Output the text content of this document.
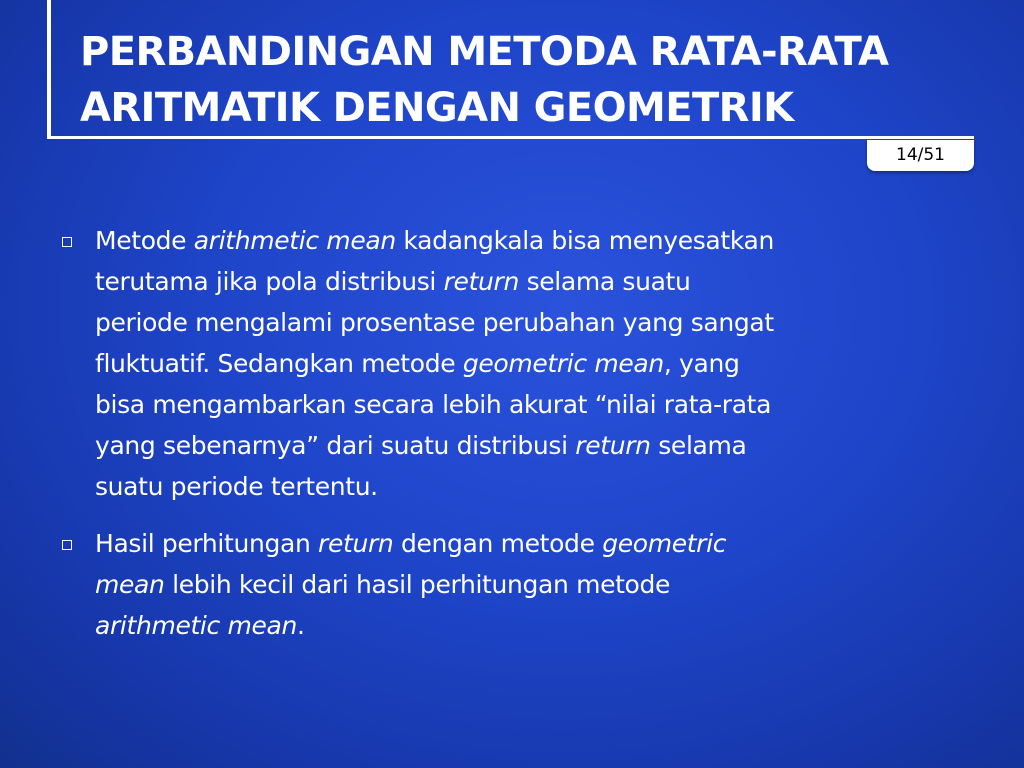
PERBANDINGAN METODA RATA-RATA
ARITMATIK DENGAN GEOMETRIK
14/51
Metode arithmetic mean kadangkala bisa menyesatkan
terutama jika pola distribusi return selama suatu
periode mengalami prosentase perubahan yang sangat
fluktuatif. Sedangkan metode geometric mean, yang
bisa mengambarkan secara lebih akurat “nilai rata-rata
yang sebenarnya” dari suatu distribusi return selama
suatu periode tertentu.
Hasil perhitungan return dengan metode geometric
mean lebih kecil dari hasil perhitungan metode
arithmetic mean.
